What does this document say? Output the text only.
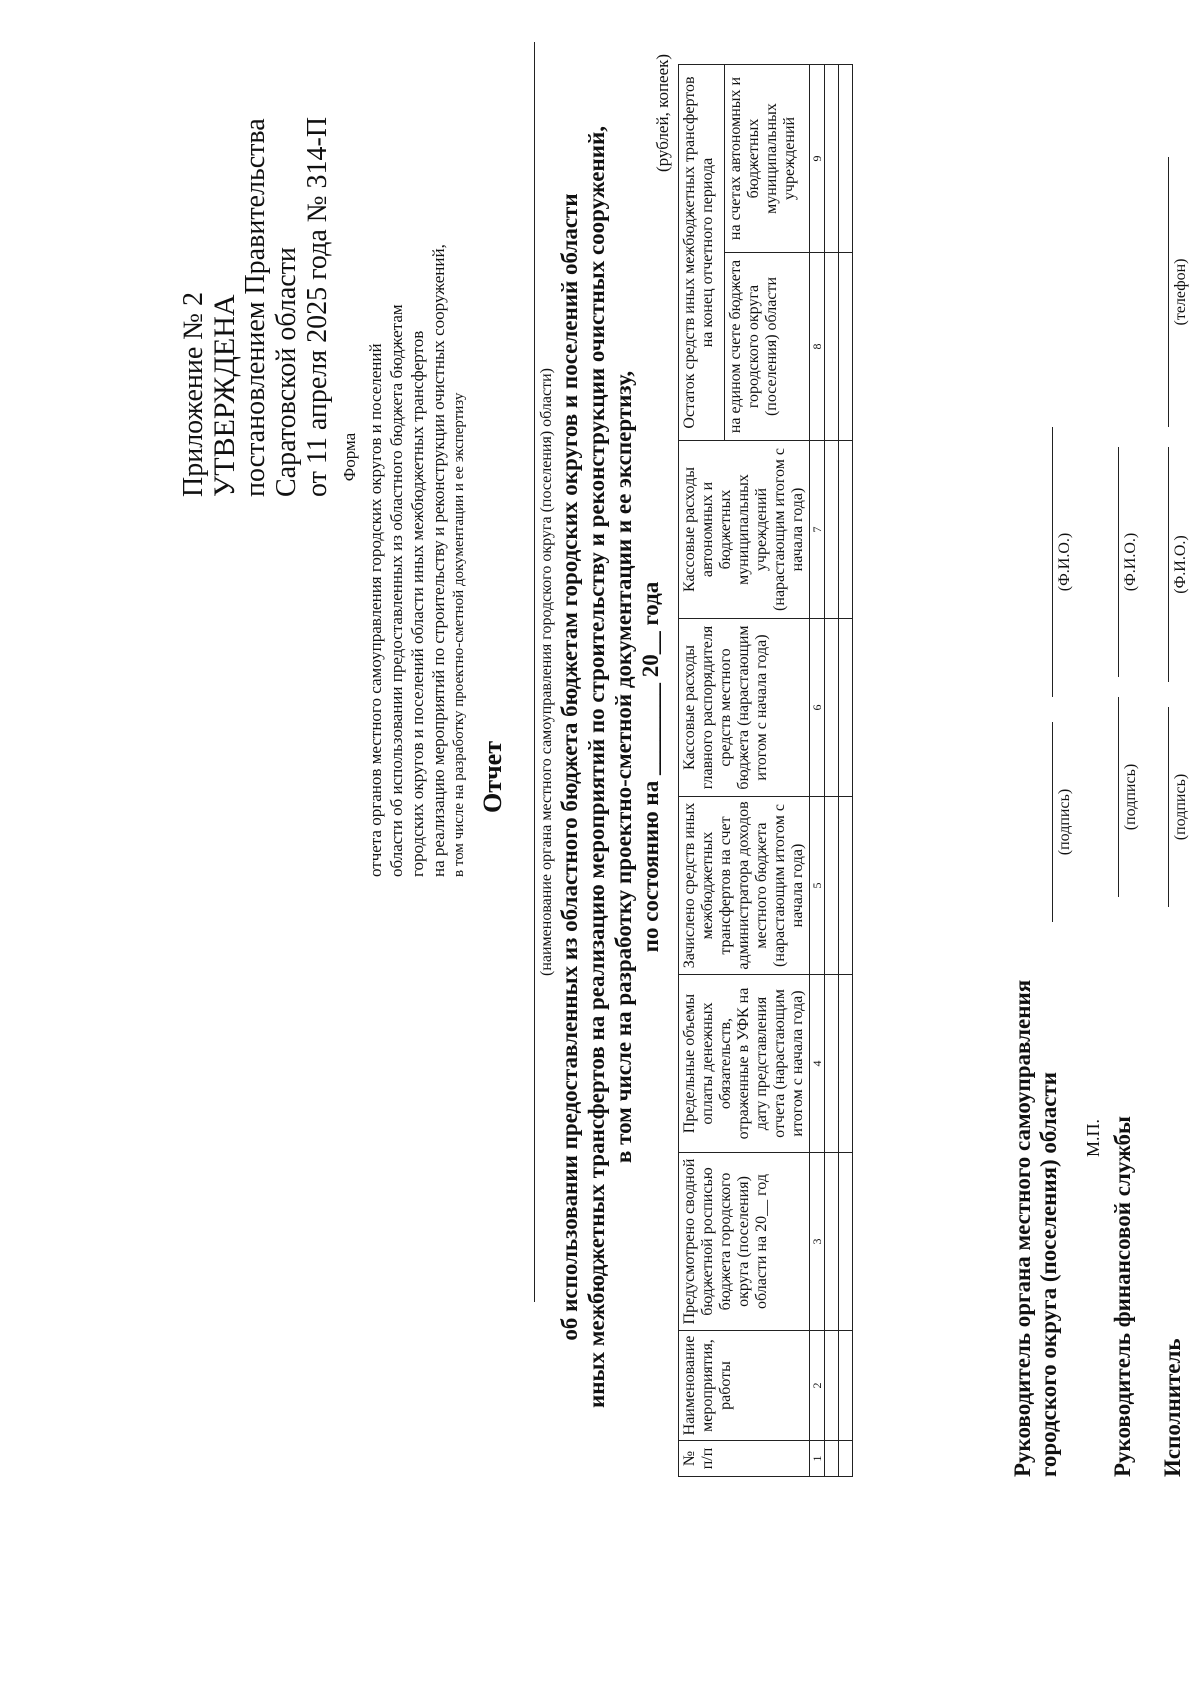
Приложение № 2 УТВЕРЖДЕНА постановлением Правительства Саратовской области от 11 апреля 2025 года № 314-П Форма отчета органов местного самоуправления городских округов и поселений области об использовании предоставленных из областного бюджета бюджетам городских округов и поселений области иных межбюджетных трансфертов на реализацию мероприятий по строительству и реконструкции очистных сооружений, в том числе на разработку проектно-сметной документации и ее экспертизу Отчет (наименование органа местного самоуправления городского округа (поселения) области) об использовании предоставленных из областного бюджета бюджетам городских округов и поселений области иных межбюджетных трансфертов на реализацию мероприятий по строительству и реконструкции очистных сооружений, в том числе на разработку проектно-сметной документации и ее экспертизу, по состоянию на ________ 20__ года
(рублей, копеек)
№ п/п	Наименование мероприятия, работы	Предусмотрено сводной бюджетной росписью бюджета городского округа (поселения) области на 20__ год	Предельные объемы оплаты денежных обязательств, отраженные в УФК на дату представления отчета (нарастающим итогом с начала года)	Зачислено средств иных межбюджетных трансфертов на счет администратора доходов местного бюджета (нарастающим итогом с начала года)	Кассовые расходы главного распорядителя средств местного бюджета (нарастающим итогом с начала года)	Кассовые расходы автономных и бюджетных муниципальных учреждений (нарастающим итогом с начала года)	Остаток средств иных межбюджетных трансфертов на конец отчетного периода	
							на едином счете бюджета городского округа (поселения) области	на счетах автономных и бюджетных муниципальных учреждений
1	2	3	4	5	6	7	8	9

Руководитель органа местного самоуправления городского округа (поселения) области М.П.
(подпись)
(Ф.И.О.)
Руководитель финансовой службы
(подпись)
(Ф.И.О.)
Исполнитель
(подпись)
(Ф.И.О.)
(телефон)
